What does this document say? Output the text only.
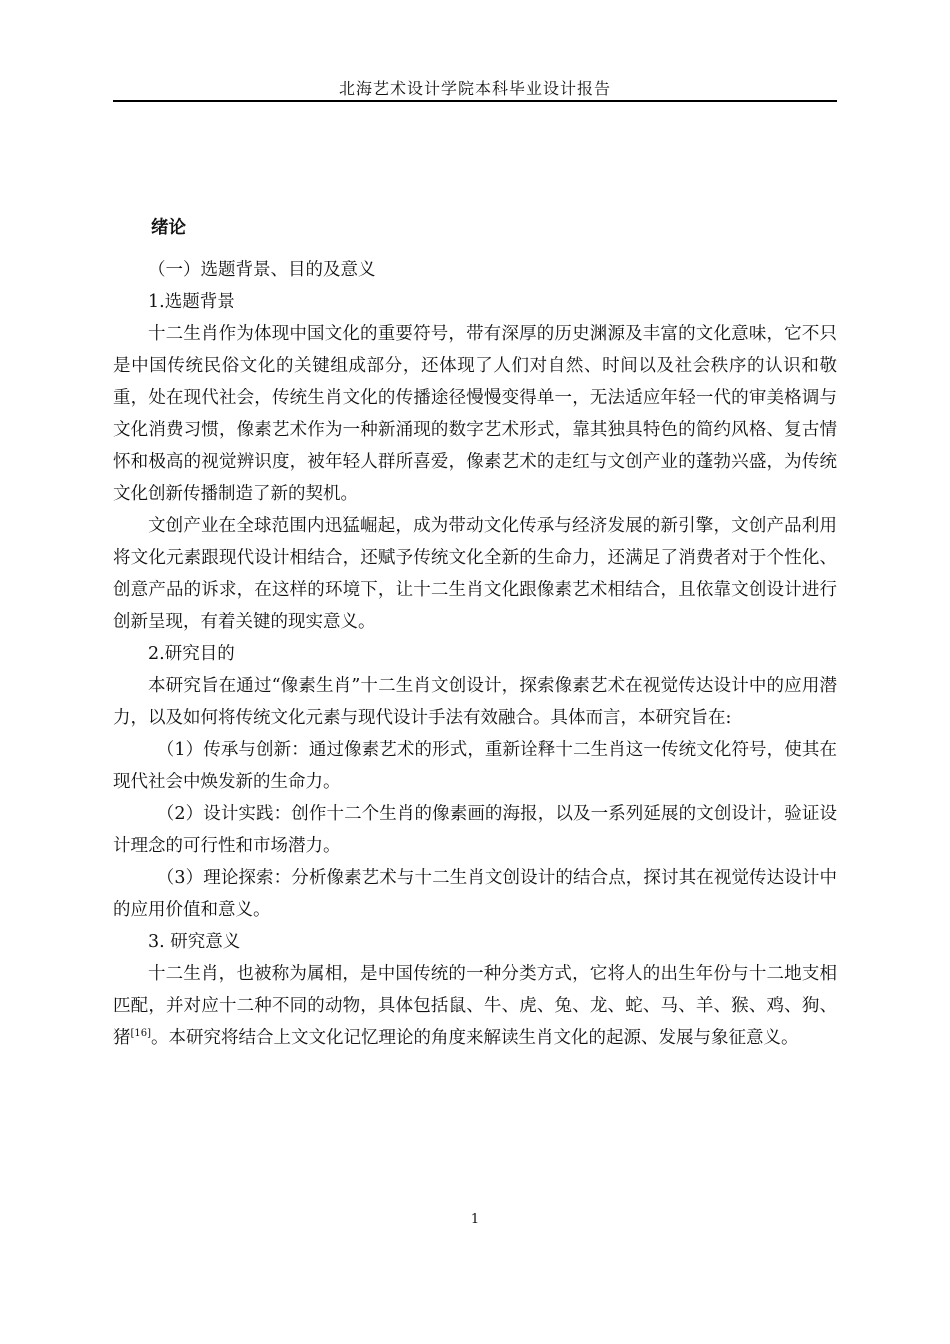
北海艺术设计学院本科毕业设计报告
绪论

（一）选题背景、目的及意义

1.选题背景

十二生肖作为体现中国文化的重要符号，带有深厚的历史渊源及丰富的文化意味，它不只是中国传统民俗文化的关键组成部分，还体现了人们对自然、时间以及社会秩序的认识和敬重，处在现代社会，传统生肖文化的传播途径慢慢变得单一，无法适应年轻一代的审美格调与文化消费习惯，像素艺术作为一种新涌现的数字艺术形式，靠其独具特色的简约风格、复古情怀和极高的视觉辨识度，被年轻人群所喜爱，像素艺术的走红与文创产业的蓬勃兴盛，为传统文化创新传播制造了新的契机。

文创产业在全球范围内迅猛崛起，成为带动文化传承与经济发展的新引擎，文创产品利用将文化元素跟现代设计相结合，还赋予传统文化全新的生命力，还满足了消费者对于个性化、创意产品的诉求，在这样的环境下，让十二生肖文化跟像素艺术相结合，且依靠文创设计进行创新呈现，有着关键的现实意义。

2.研究目的

本研究旨在通过“像素生肖”十二生肖文创设计，探索像素艺术在视觉传达设计中的应用潜力，以及如何将传统文化元素与现代设计手法有效融合。具体而言，本研究旨在:

（1）传承与创新：通过像素艺术的形式，重新诠释十二生肖这一传统文化符号，使其在现代社会中焕发新的生命力。

（2）设计实践：创作十二个生肖的像素画的海报，以及一系列延展的文创设计，验证设计理念的可行性和市场潜力。

（3）理论探索：分析像素艺术与十二生肖文创设计的结合点，探讨其在视觉传达设计中的应用价值和意义。

3. 研究意义

十二生肖，也被称为属相，是中国传统的一种分类方式，它将人的出生年份与十二地支相匹配，并对应十二种不同的动物，具体包括鼠、牛、虎、兔、龙、蛇、马、羊、猴、鸡、狗、猪[16]。本研究将结合上文文化记忆理论的角度来解读生肖文化的起源、发展与象征意义。

1
